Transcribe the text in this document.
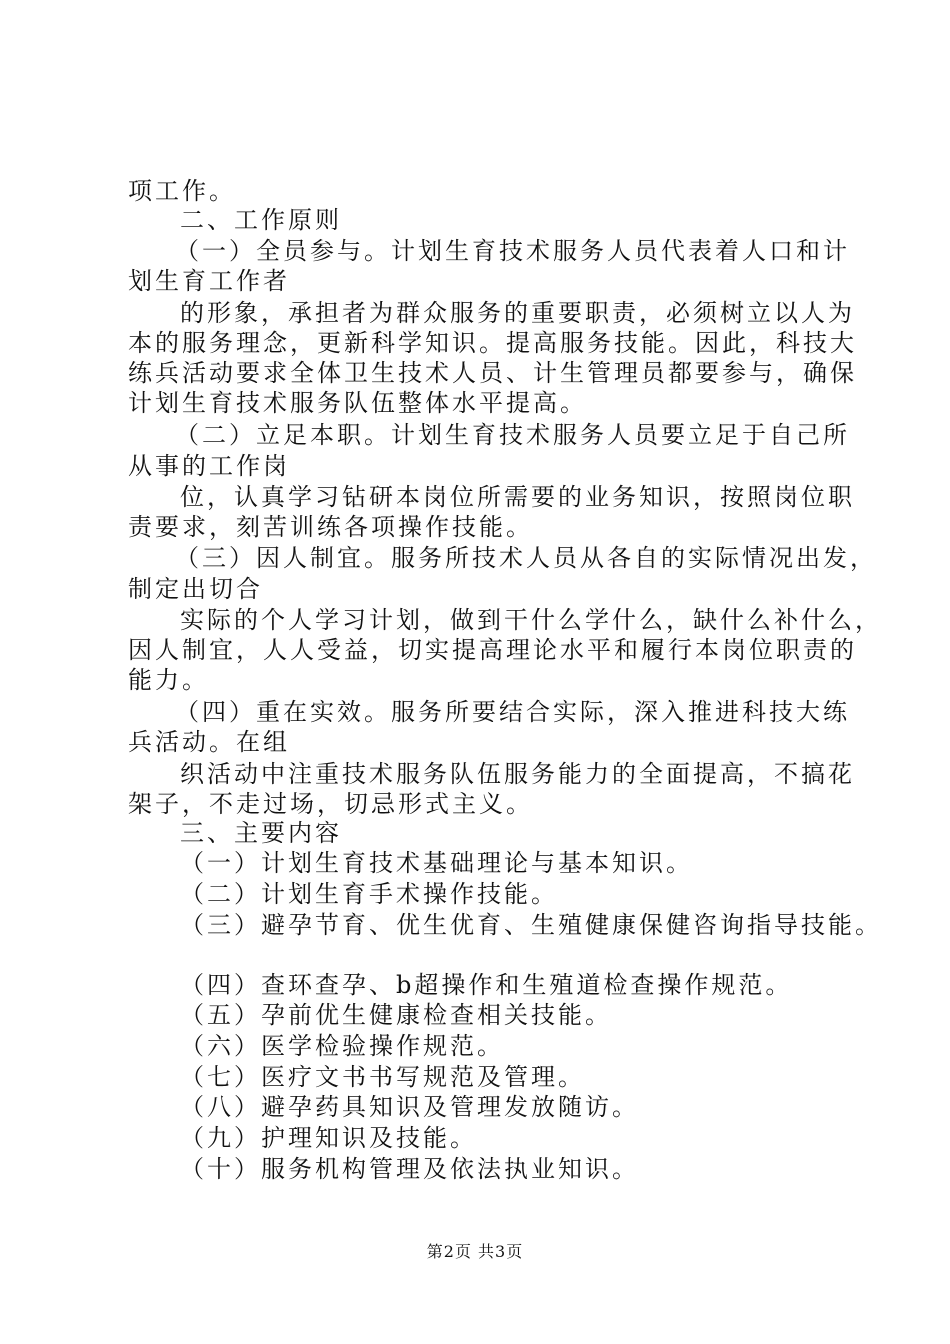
项工作。

二、工作原则

（一）全员参与。计划生育技术服务人员代表着人口和计

划生育工作者

的形象，承担者为群众服务的重要职责，必须树立以人为

本的服务理念，更新科学知识。提高服务技能。因此，科技大

练兵活动要求全体卫生技术人员、计生管理员都要参与，确保

计划生育技术服务队伍整体水平提高。

（二）立足本职。计划生育技术服务人员要立足于自己所

从事的工作岗

位，认真学习钻研本岗位所需要的业务知识，按照岗位职

责要求，刻苦训练各项操作技能。

（三）因人制宜。服务所技术人员从各自的实际情况出发，

制定出切合

实际的个人学习计划，做到干什么学什么，缺什么补什么，

因人制宜，人人受益，切实提高理论水平和履行本岗位职责的

能力。

（四）重在实效。服务所要结合实际，深入推进科技大练

兵活动。在组

织活动中注重技术服务队伍服务能力的全面提高，不搞花

架子，不走过场，切忌形式主义。

三、主要内容

（一）计划生育技术基础理论与基本知识。

（二）计划生育手术操作技能。

（三）避孕节育、优生优育、生殖健康保健咨询指导技能。

（四）查环查孕、b超操作和生殖道检查操作规范。

（五）孕前优生健康检查相关技能。

（六）医学检验操作规范。

（七）医疗文书书写规范及管理。

（八）避孕药具知识及管理发放随访。

（九）护理知识及技能。

（十）服务机构管理及依法执业知识。

第2页 共3页
